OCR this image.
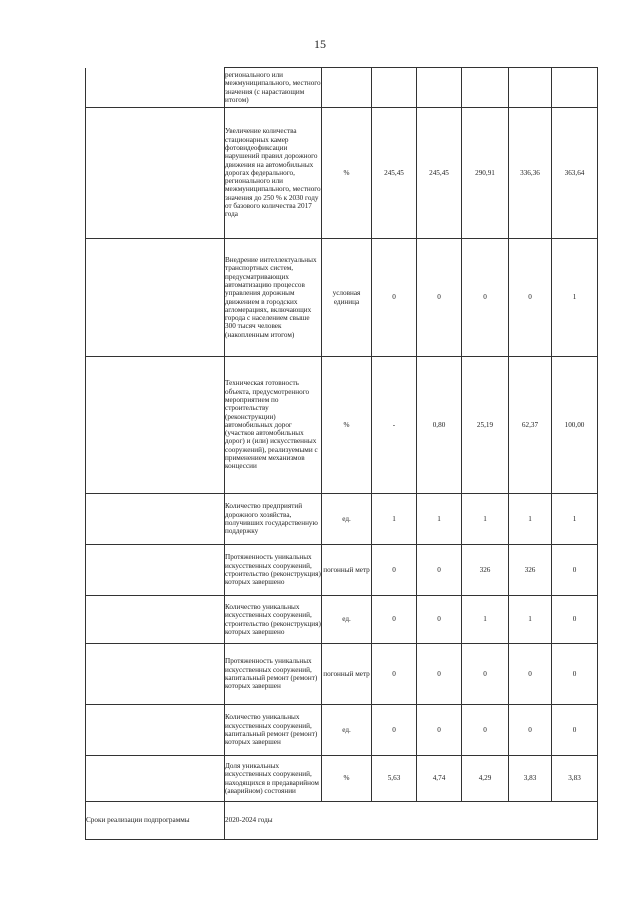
15
	регионального или межмуниципального, местного значения (с нарастающим итогом)						
	Увеличение количества стационарных камер фотовидеофиксации нарушений правил дорожного движения на автомобильных дорогах федерального, регионального или межмуниципального, местного значения до 250 % к 2030 году от базового количества 2017 года	%	245,45	245,45	290,91	336,36	363,64
	Внедрение интеллектуальных транспортных систем, предусматривающих автоматизацию процессов управления дорожным движением в городских агломерациях, включающих города с населением свыше 300 тысяч человек (накопленным итогом)	условная единица	0	0	0	0	1
	Техническая готовность объекта, предусмотренного мероприятием по строительству (реконструкции) автомобильных дорог (участков автомобильных дорог) и (или) искусственных сооружений), реализуемыми с применением механизмов концессии	%	-	0,80	25,19	62,37	100,00
	Количество предприятий дорожного хозяйства, получивших государственную поддержку	ед.	1	1	1	1	1
	Протяженность уникальных искусственных сооружений, строительство (реконструкция) которых завершено	погонный метр	0	0	326	326	0
	Количество уникальных искусственных сооружений, строительство (реконструкция) которых завершено	ед.	0	0	1	1	0
	Протяженность уникальных искусственных сооружений, капитальный ремонт (ремонт) которых завершен	погонный метр	0	0	0	0	0
	Количество уникальных искусственных сооружений, капитальный ремонт (ремонт) которых завершен	ед.	0	0	0	0	0
	Доля уникальных искусственных сооружений, находящихся в предаварийном (аварийном) состоянии	%	5,63	4,74	4,29	3,83	3,83
Сроки реализации подпрограммы	2020-2024 годы						
